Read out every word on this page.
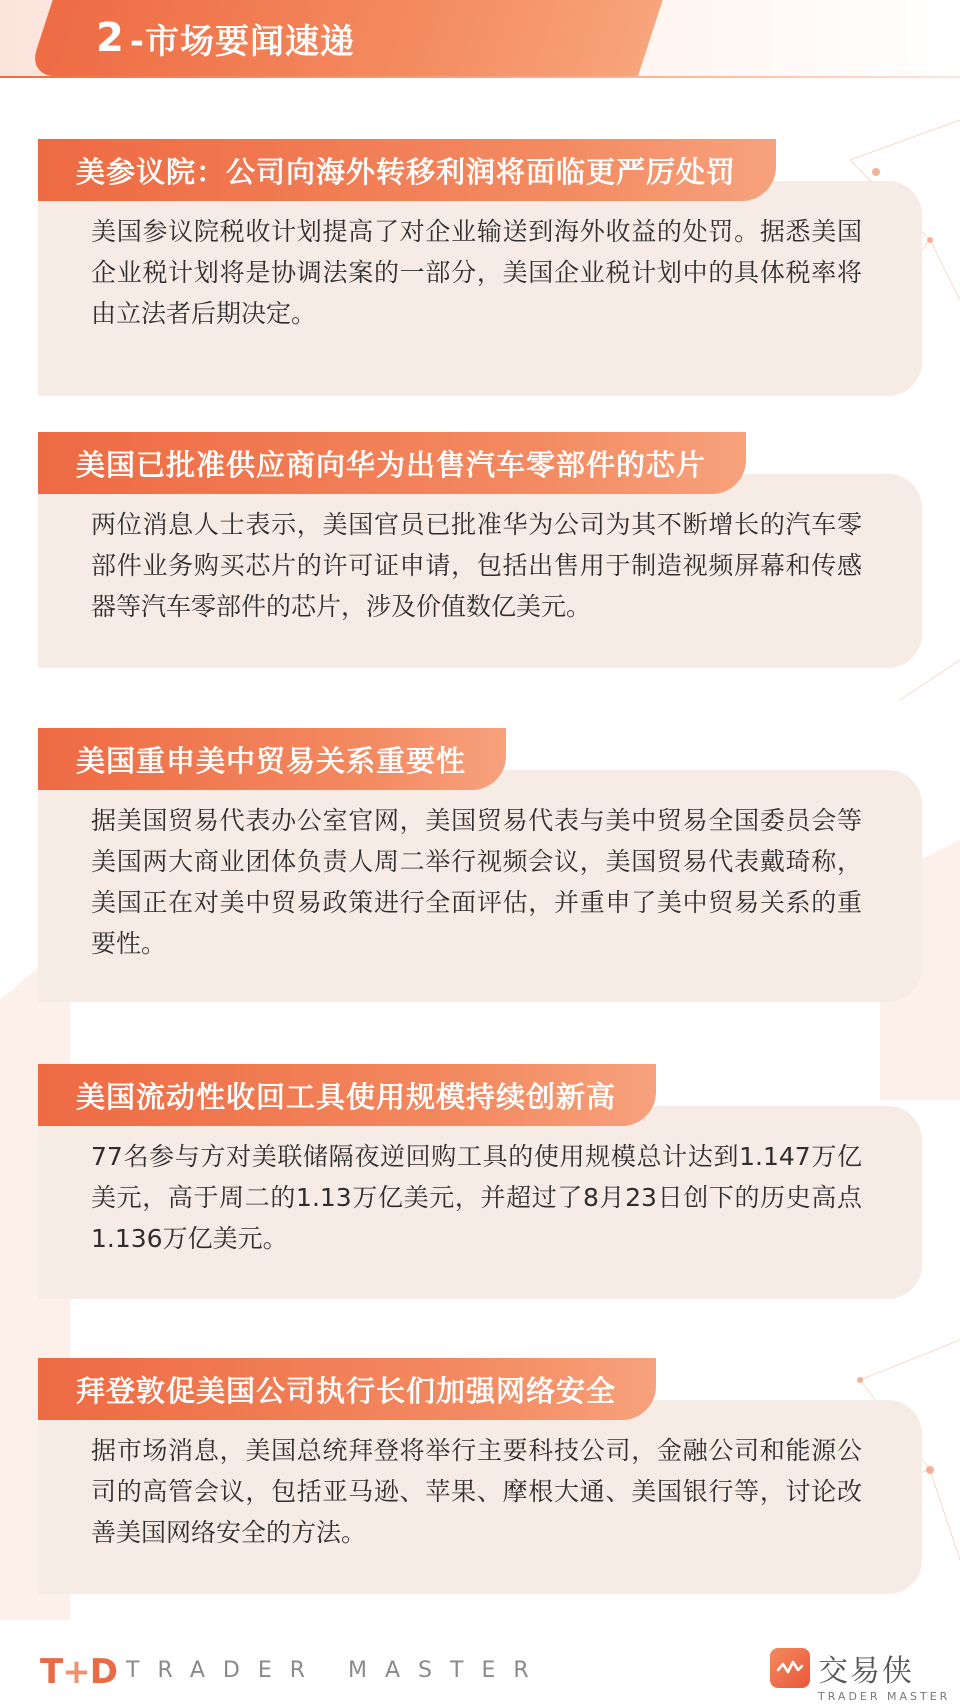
2 -市场要闻速递

美国参议院税收计划提高了对企业输送到海外收益的处罚。据悉美国企业税计划将是协调法案的一部分，美国企业税计划中的具体税率将由立法者后期决定。

美参议院：公司向海外转移利润将面临更严厉处罚

两位消息人士表示，美国官员已批准华为公司为其不断增长的汽车零部件业务购买芯片的许可证申请，包括出售用于制造视频屏幕和传感器等汽车零部件的芯片，涉及价值数亿美元。

美国已批准供应商向华为出售汽车零部件的芯片

据美国贸易代表办公室官网，美国贸易代表与美中贸易全国委员会等美国两大商业团体负责人周二举行视频会议，美国贸易代表戴琦称，美国正在对美中贸易政策进行全面评估，并重申了美中贸易关系的重要性。

美国重申美中贸易关系重要性

77名参与方对美联储隔夜逆回购工具的使用规模总计达到1.147万亿美元，高于周二的1.13万亿美元，并超过了8月23日创下的历史高点1.136万亿美元。

美国流动性收回工具使用规模持续创新高

据市场消息，美国总统拜登将举行主要科技公司，金融公司和能源公司的高管会议，包括亚马逊、苹果、摩根大通、美国银行等，讨论改善美国网络安全的方法。

拜登敦促美国公司执行长们加强网络安全
T+D TRADER MASTER	交易侠
TRADER MASTER
